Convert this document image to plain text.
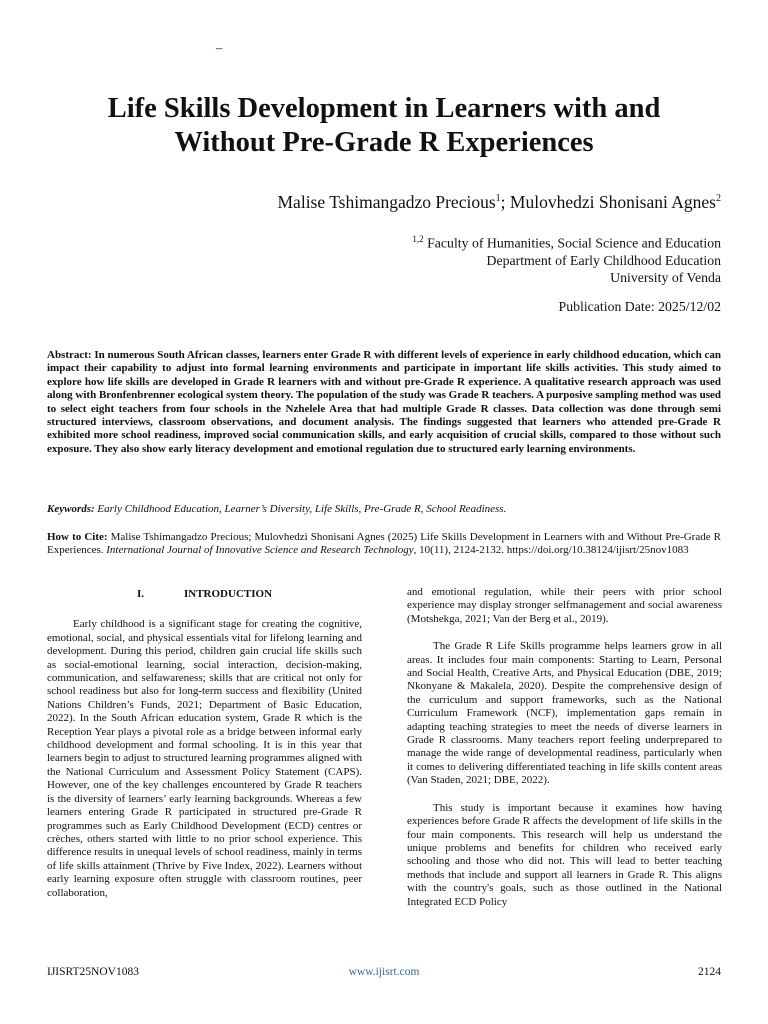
–
Life Skills Development in Learners with and
Without Pre-Grade R Experiences
Malise Tshimangadzo Precious$^1$; Mulovhedzi Shonisani Agnes$^2$
$^{1,2}$ Faculty of Humanities, Social Science and Education
Department of Early Childhood Education
University of Venda
Publication Date: 2025/12/02
Abstract: In numerous South African classes, learners enter Grade R with different levels of experience in early childhood education, which can impact their capability to adjust into formal learning environments and participate in important life skills activities. This study aimed to explore how life skills are developed in Grade R learners with and without pre-Grade R experience. A qualitative research approach was used along with Bronfenbrenner ecological system theory. The population of the study was Grade R teachers. A purposive sampling method was used to select eight teachers from four schools in the Nzhelele Area that had multiple Grade R classes. Data collection was done through semi structured interviews, classroom observations, and document analysis. The findings suggested that learners who attended pre-Grade R exhibited more school readiness, improved social communication skills, and early acquisition of crucial skills, compared to those without such exposure. They also show early literacy development and emotional regulation due to structured early learning environments.
Keywords: Early Childhood Education, Learner’s Diversity, Life Skills, Pre-Grade R, School Readiness.
How to Cite: Malise Tshimangadzo Precious; Mulovhedzi Shonisani Agnes (2025) Life Skills Development in Learners with and Without Pre-Grade R Experiences. International Journal of Innovative Science and Research Technology, 10(11), 2124-2132. https://doi.org/10.38124/ijisrt/25nov1083
I.	INTRODUCTION

Early childhood is a significant stage for creating the cognitive, emotional, social, and physical essentials vital for lifelong learning and development. During this period, children gain crucial life skills such as social-emotional learning, social interaction, decision-making, communication, and selfawareness; skills that are critical not only for school readiness but also for long-term success and flexibility (United Nations Children’s Funds, 2021; Department of Basic Education, 2022). In the South African education system, Grade R which is the Reception Year plays a pivotal role as a bridge between informal early childhood development and formal schooling. It is in this year that learners begin to adjust to structured learning programmes aligned with the National Curriculum and Assessment Policy Statement (CAPS). However, one of the key challenges encountered by Grade R teachers is the diversity of learners’ early learning backgrounds. Whereas a few learners entering Grade R participated in structured pre-Grade R programmes such as Early Childhood Development (ECD) centres or crèches, others started with little to no prior school experience. This difference results in unequal levels of school readiness, mainly in terms of life skills attainment (Thrive by Five Index, 2022). Learners without early learning exposure often struggle with classroom routines, peer collaboration,

and emotional regulation, while their peers with prior school experience may display stronger selfmanagement and social awareness (Motshekga, 2021; Van der Berg et al., 2019).

The Grade R Life Skills programme helps learners grow in all areas. It includes four main components: Starting to Learn, Personal and Social Health, Creative Arts, and Physical Education (DBE, 2019; Nkonyane & Makalela, 2020). Despite the comprehensive design of the curriculum and support frameworks, such as the National Curriculum Framework (NCF), implementation gaps remain in adapting teaching strategies to meet the needs of diverse learners in Grade R classrooms. Many teachers report feeling underprepared to manage the wide range of developmental readiness, particularly when it comes to delivering differentiated teaching in life skills content areas (Van Staden, 2021; DBE, 2022).

This study is important because it examines how having experiences before Grade R affects the development of life skills in the four main components. This research will help us understand the unique problems and benefits for children who received early schooling and those who did not. This will lead to better teaching methods that include and support all learners in Grade R. This aligns with the country's goals, such as those outlined in the National Integrated ECD Policy

IJISRT25NOV1083	www.ijisrt.com	2124
